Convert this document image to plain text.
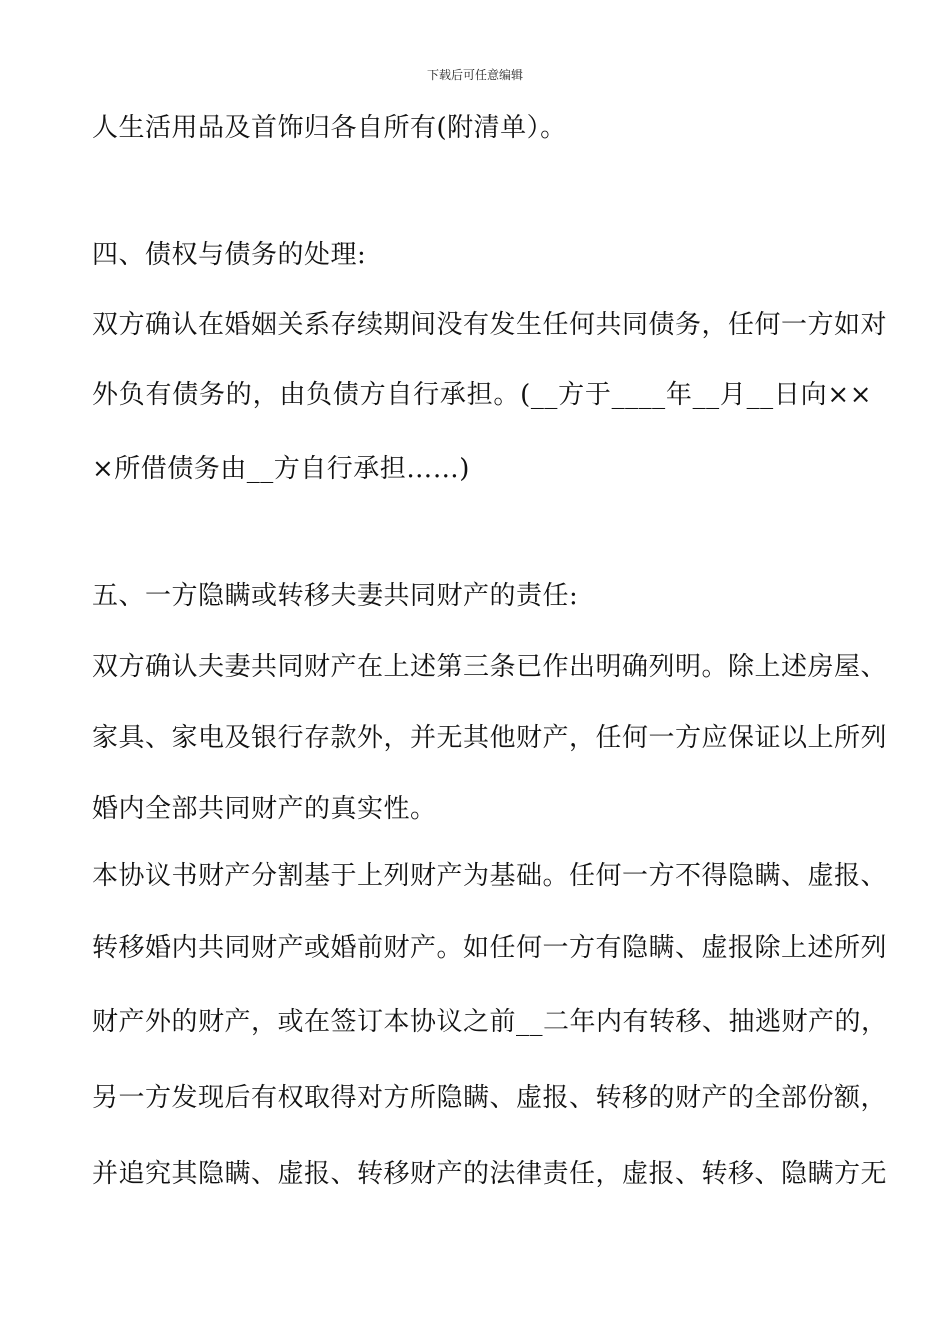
下载后可任意编辑
人生活用品及首饰归各自所有(附清单）。
四、债权与债务的处理:
双方确认在婚姻关系存续期间没有发生任何共同债务，任何一方如对
外负有债务的，由负债方自行承担。(__方于____年__月__日向××
×所借债务由__方自行承担……)
五、一方隐瞒或转移夫妻共同财产的责任:
双方确认夫妻共同财产在上述第三条已作出明确列明。除上述房屋、
家具、家电及银行存款外，并无其他财产，任何一方应保证以上所列
婚内全部共同财产的真实性。
本协议书财产分割基于上列财产为基础。任何一方不得隐瞒、虚报、
转移婚内共同财产或婚前财产。如任何一方有隐瞒、虚报除上述所列
财产外的财产，或在签订本协议之前__二年内有转移、抽逃财产的，
另一方发现后有权取得对方所隐瞒、虚报、转移的财产的全部份额，
并追究其隐瞒、虚报、转移财产的法律责任，虚报、转移、隐瞒方无
